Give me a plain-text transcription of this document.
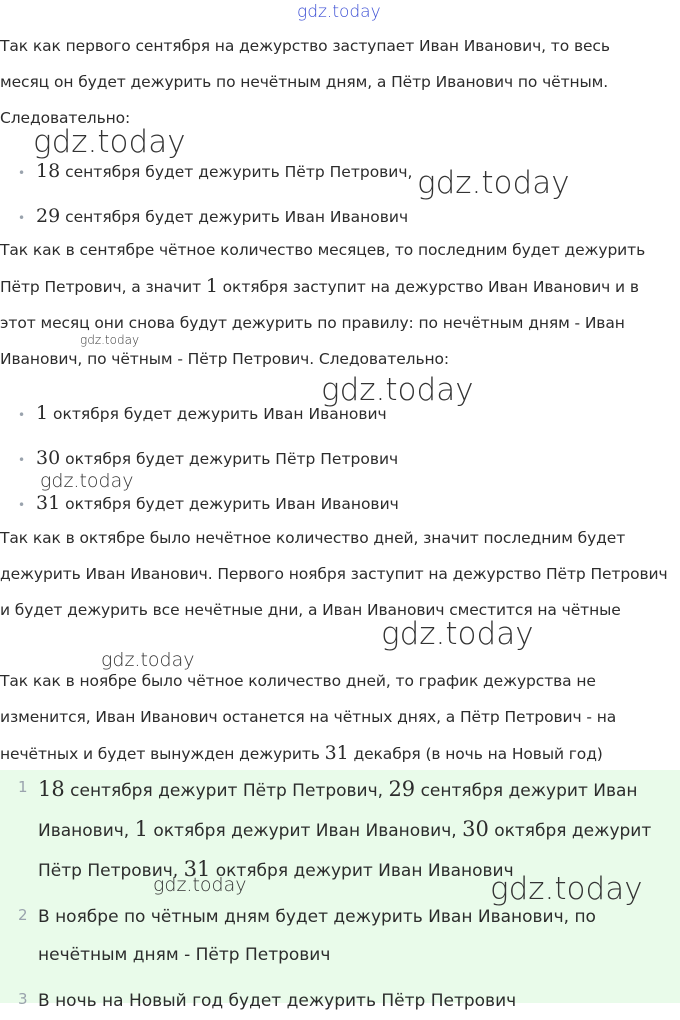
gdz.today

Так как первого сентября на дежурство заступает Иван Иванович, то весь месяц он будет дежурить по нечётным дням, а Пётр Иванович по чётным.

Следовательно:

• 18 сентября будет дежурить Пётр Петрович,
• 29 сентября будет дежурить Иван Иванович

Так как в сентябре чётное количество месяцев, то последним будет дежурить Пётр Петрович, а значит 1 октября заступит на дежурство Иван Иванович и в этот месяц они снова будут дежурить по правилу: по нечётным дням - Иван Иванович, по чётным - Пётр Петрович. Следовательно:

• 1 октября будет дежурить Иван Иванович
• 30 октября будет дежурить Пётр Петрович
• 31 октября будет дежурить Иван Иванович

Так как в октябре было нечётное количество дней, значит последним будет дежурить Иван Иванович. Первого ноября заступит на дежурство Пётр Петрович и будет дежурить все нечётные дни, а Иван Иванович сместится на чётные

Так как в ноябре было чётное количество дней, то график дежурства не изменится, Иван Иванович останется на чётных днях, а Пётр Петрович - на нечётных и будет вынужден дежурить 31 декабря (в ночь на Новый год)

1 18 сентября дежурит Пётр Петрович, 29 сентября дежурит Иван Иванович, 1 октября дежурит Иван Иванович, 30 октября дежурит Пётр Петрович, 31 октября дежурит Иван Иванович
2 В ноябре по чётным дням будет дежурить Иван Иванович, по нечётным дням - Пётр Петрович
3 В ночь на Новый год будет дежурить Пётр Петрович
gdz.today
gdz.today
gdz.today
gdz.today
gdz.today
gdz.today
gdz.today
gdz.today	gdz.today
